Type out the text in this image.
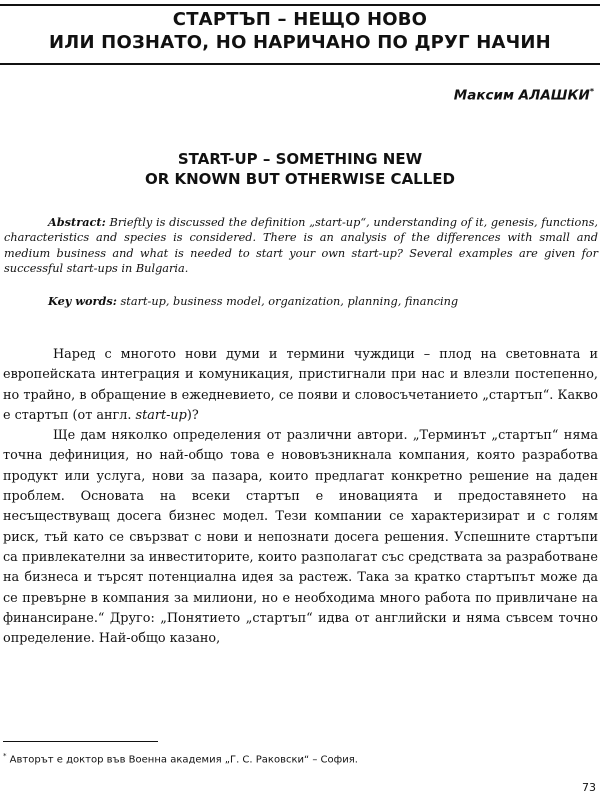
СТАРТЪП – НЕЩО НОВО
ИЛИ ПОЗНАТО, НО НАРИЧАНО ПО ДРУГ НАЧИН
Максим АЛАШКИ*
START-UP – SOMETHING NEW
OR KNOWN BUT OTHERWISE CALLED
Abstract: Brieftly is discussed the definition „start-up“, understanding of it, genesis, functions, characteristics and species is considered. There is an analysis of the differences with small and medium business and what is needed to start your own start-up? Several examples are given for successful start-ups in Bulgaria.
Key words: start-up, business model, organization, planning, financing

Наред с многото нови думи и термини чуждици – плод на световната и европейската интеграция и комуникация, пристигнали при нас и влезли постепенно, но трайно, в обращение в ежедневието, се появи и словосъчетанието „стартъп“. Какво е стартъп (от англ. start-up)?

Ще дам няколко определения от различни автори. „Терминът „стартъп“ няма точна дефиниция, но най-общо това е нововъзникнала компания, която разработва продукт или услуга, нови за пазара, които предлагат конкретно решение на даден проблем. Основата на всеки стартъп е иновацията и предоставянето на несъществуващ досега бизнес модел. Тези компании се характеризират и с голям риск, тъй като се свързват с нови и непознати досега решения. Успешните стартъпи са привлекателни за инвеститорите, които разполагат със средствата за разработване на бизнеса и търсят потенциална идея за растеж. Така за кратко стартъпът може да се превърне в компания за милиони, но е необходима много работа по привличане на финансиране.“ Друго: „Понятието „стартъп“ идва от английски и няма съвсем точно определение. Най-общо казано,

* Авторът е доктор във Военна академия „Г. С. Раковски“ – София.
73
